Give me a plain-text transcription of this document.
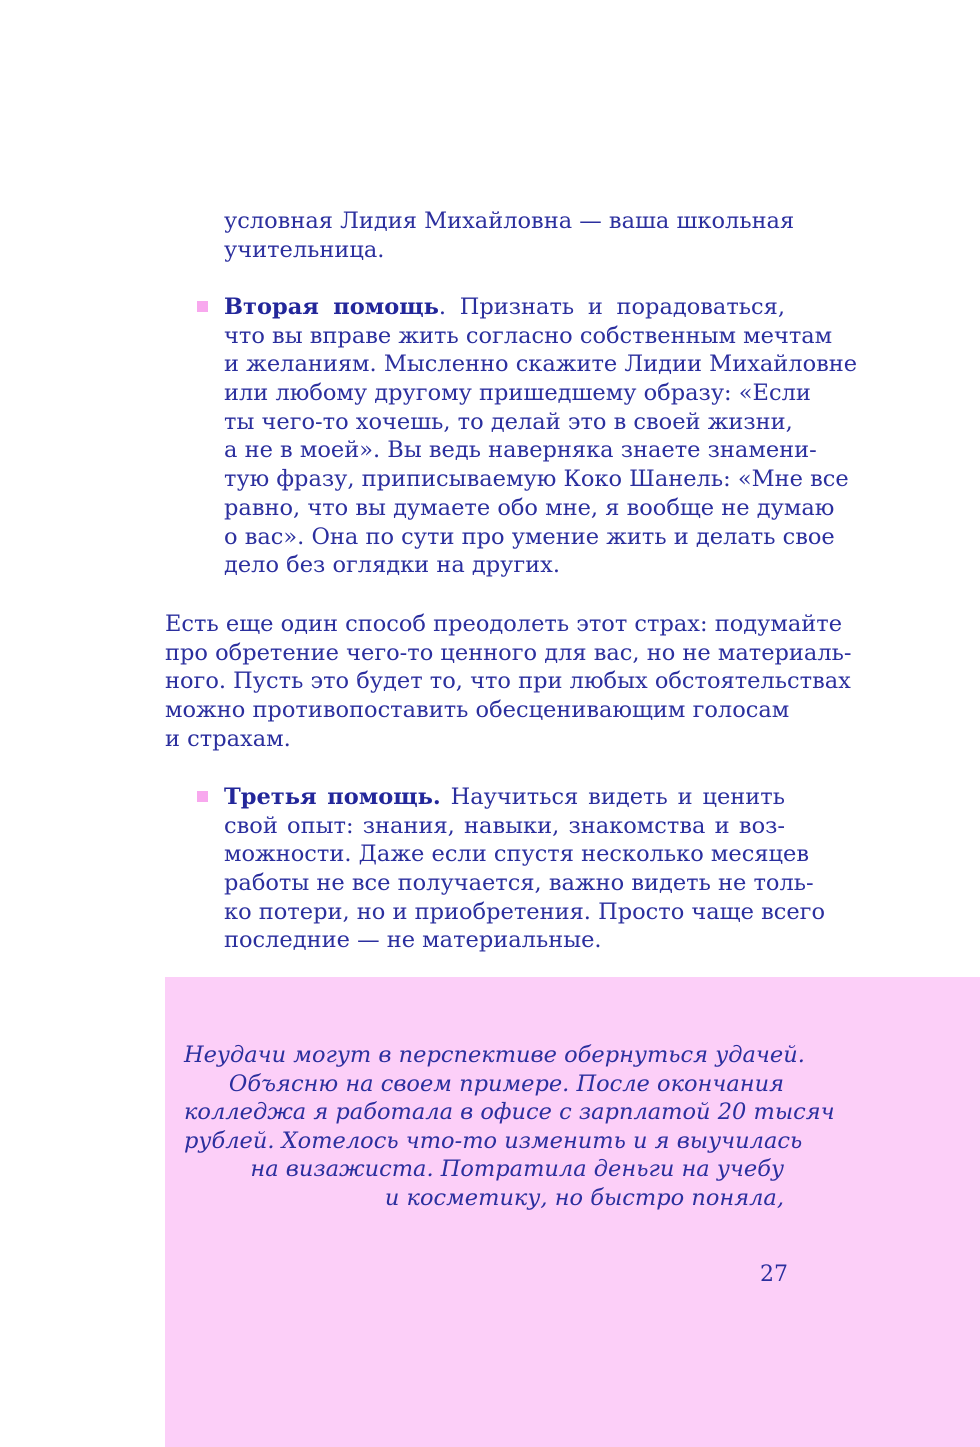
условная Лидия Михайловна — ваша школьная
учительница.
Вторая помощь. Признать и порадоваться,
что вы вправе жить согласно собственным мечтам
и желаниям. Мысленно скажите Лидии Михайловне
или любому другому пришедшему образу: «Если
ты чего-то хочешь, то делай это в своей жизни,
а не в моей». Вы ведь наверняка знаете знамени-
тую фразу, приписываемую Коко Шанель: «Мне все
равно, что вы думаете обо мне, я вообще не думаю
о вас». Она по сути про умение жить и делать свое
дело без оглядки на других.
Есть еще один способ преодолеть этот страх: подумайте
про обретение чего-то ценного для вас, но не материаль-
ного. Пусть это будет то, что при любых обстоятельствах
можно противопоставить обесценивающим голосам
и страхам.
Третья помощь. Научиться видеть и ценить
свой опыт: знания, навыки, знакомства и воз-
можности. Даже если спустя несколько месяцев
работы не все получается, важно видеть не толь-
ко потери, но и приобретения. Просто чаще всего
последние — не материальные.
Неудачи могут в перспективе обернуться удачей.
Объясню на своем примере. После окончания
колледжа я работала в офисе с зарплатой 20 тысяч
рублей. Хотелось что-то изменить и я выучилась
на визажиста. Потратила деньги на учебу
и косметику, но быстро поняла,
27
